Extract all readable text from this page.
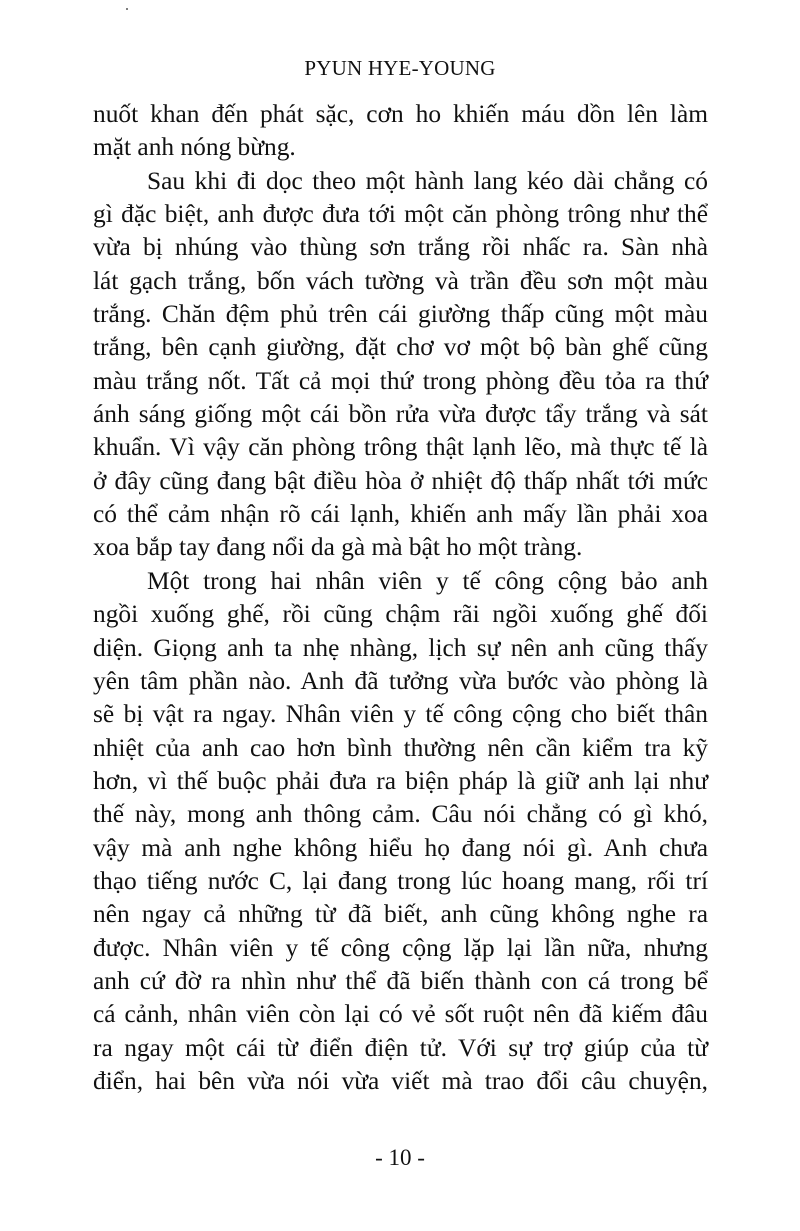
PYUN HYE-YOUNG
nuốt khan đến phát sặc, cơn ho khiến máu dồn lên làm
mặt anh nóng bừng.
Sau khi đi dọc theo một hành lang kéo dài chẳng có
gì đặc biệt, anh được đưa tới một căn phòng trông như thể
vừa bị nhúng vào thùng sơn trắng rồi nhấc ra. Sàn nhà
lát gạch trắng, bốn vách tường và trần đều sơn một màu
trắng. Chăn đệm phủ trên cái giường thấp cũng một màu
trắng, bên cạnh giường, đặt chơ vơ một bộ bàn ghế cũng
màu trắng nốt. Tất cả mọi thứ trong phòng đều tỏa ra thứ
ánh sáng giống một cái bồn rửa vừa được tẩy trắng và sát
khuẩn. Vì vậy căn phòng trông thật lạnh lẽo, mà thực tế là
ở đây cũng đang bật điều hòa ở nhiệt độ thấp nhất tới mức
có thể cảm nhận rõ cái lạnh, khiến anh mấy lần phải xoa
xoa bắp tay đang nổi da gà mà bật ho một tràng.
Một trong hai nhân viên y tế công cộng bảo anh
ngồi xuống ghế, rồi cũng chậm rãi ngồi xuống ghế đối
diện. Giọng anh ta nhẹ nhàng, lịch sự nên anh cũng thấy
yên tâm phần nào. Anh đã tưởng vừa bước vào phòng là
sẽ bị vật ra ngay. Nhân viên y tế công cộng cho biết thân
nhiệt của anh cao hơn bình thường nên cần kiểm tra kỹ
hơn, vì thế buộc phải đưa ra biện pháp là giữ anh lại như
thế này, mong anh thông cảm. Câu nói chẳng có gì khó,
vậy mà anh nghe không hiểu họ đang nói gì. Anh chưa
thạo tiếng nước C, lại đang trong lúc hoang mang, rối trí
nên ngay cả những từ đã biết, anh cũng không nghe ra
được. Nhân viên y tế công cộng lặp lại lần nữa, nhưng
anh cứ đờ ra nhìn như thể đã biến thành con cá trong bể
cá cảnh, nhân viên còn lại có vẻ sốt ruột nên đã kiếm đâu
ra ngay một cái từ điển điện tử. Với sự trợ giúp của từ
điển, hai bên vừa nói vừa viết mà trao đổi câu chuyện,
- 10 -
